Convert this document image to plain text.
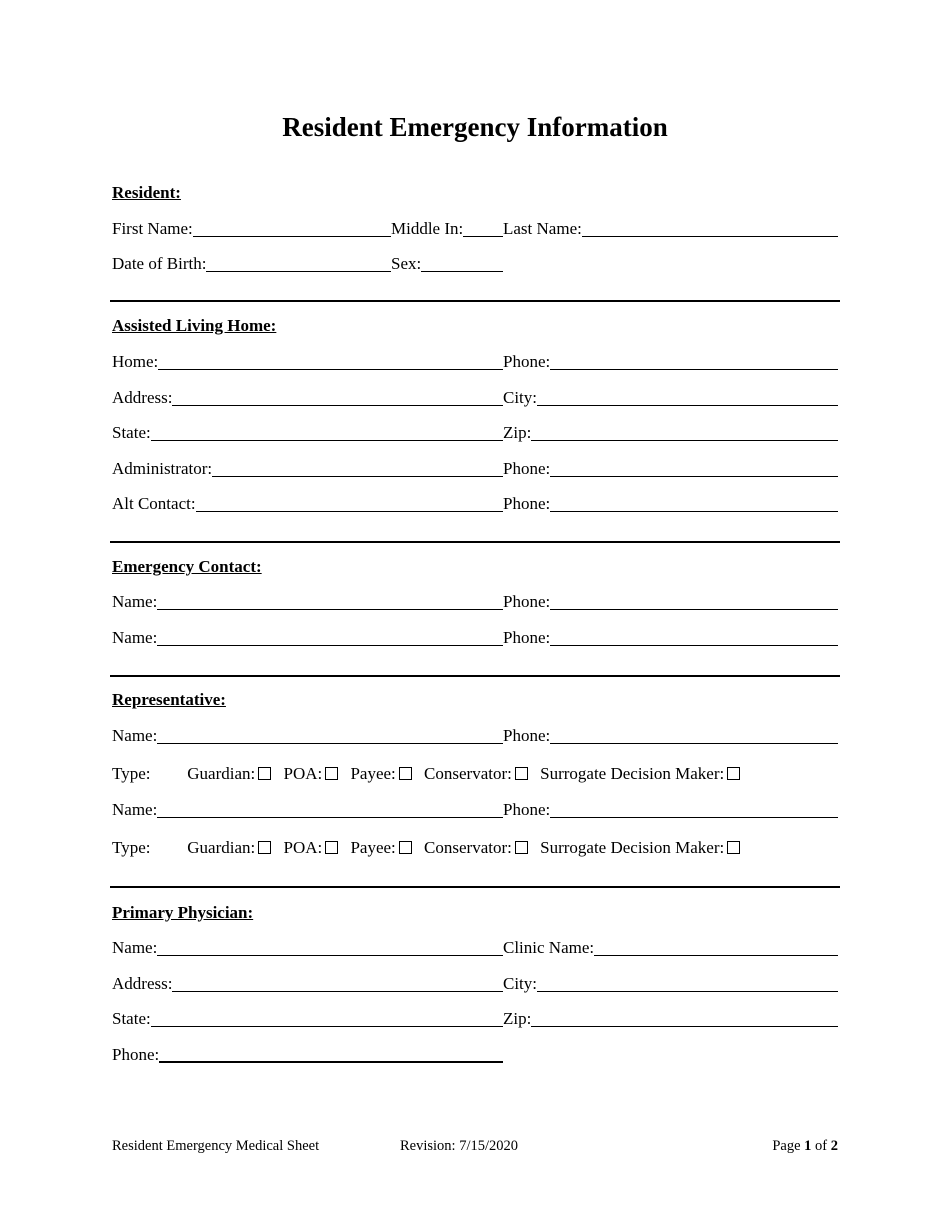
Resident Emergency Information
Resident:
First Name:	Middle In: Last Name:
Date of Birth:	Sex:
Assisted Living Home:
Home:	Phone:
Address:	City:
State:	Zip:
Administrator:	Phone:
Alt Contact:	Phone:
Emergency Contact:
Name:	Phone:
Name:	Phone:
Representative:
Name:	Phone:
Type: Guardian: POA: Payee: Conservator: Surrogate Decision Maker:
Name:	Phone:
Type: Guardian: POA: Payee: Conservator: Surrogate Decision Maker:
Primary Physician:
Name:	Clinic Name:
Address:	City:
State:	Zip:
Phone:
Resident Emergency Medical Sheet	Revision: 7/15/2020	Page 1 of 2
